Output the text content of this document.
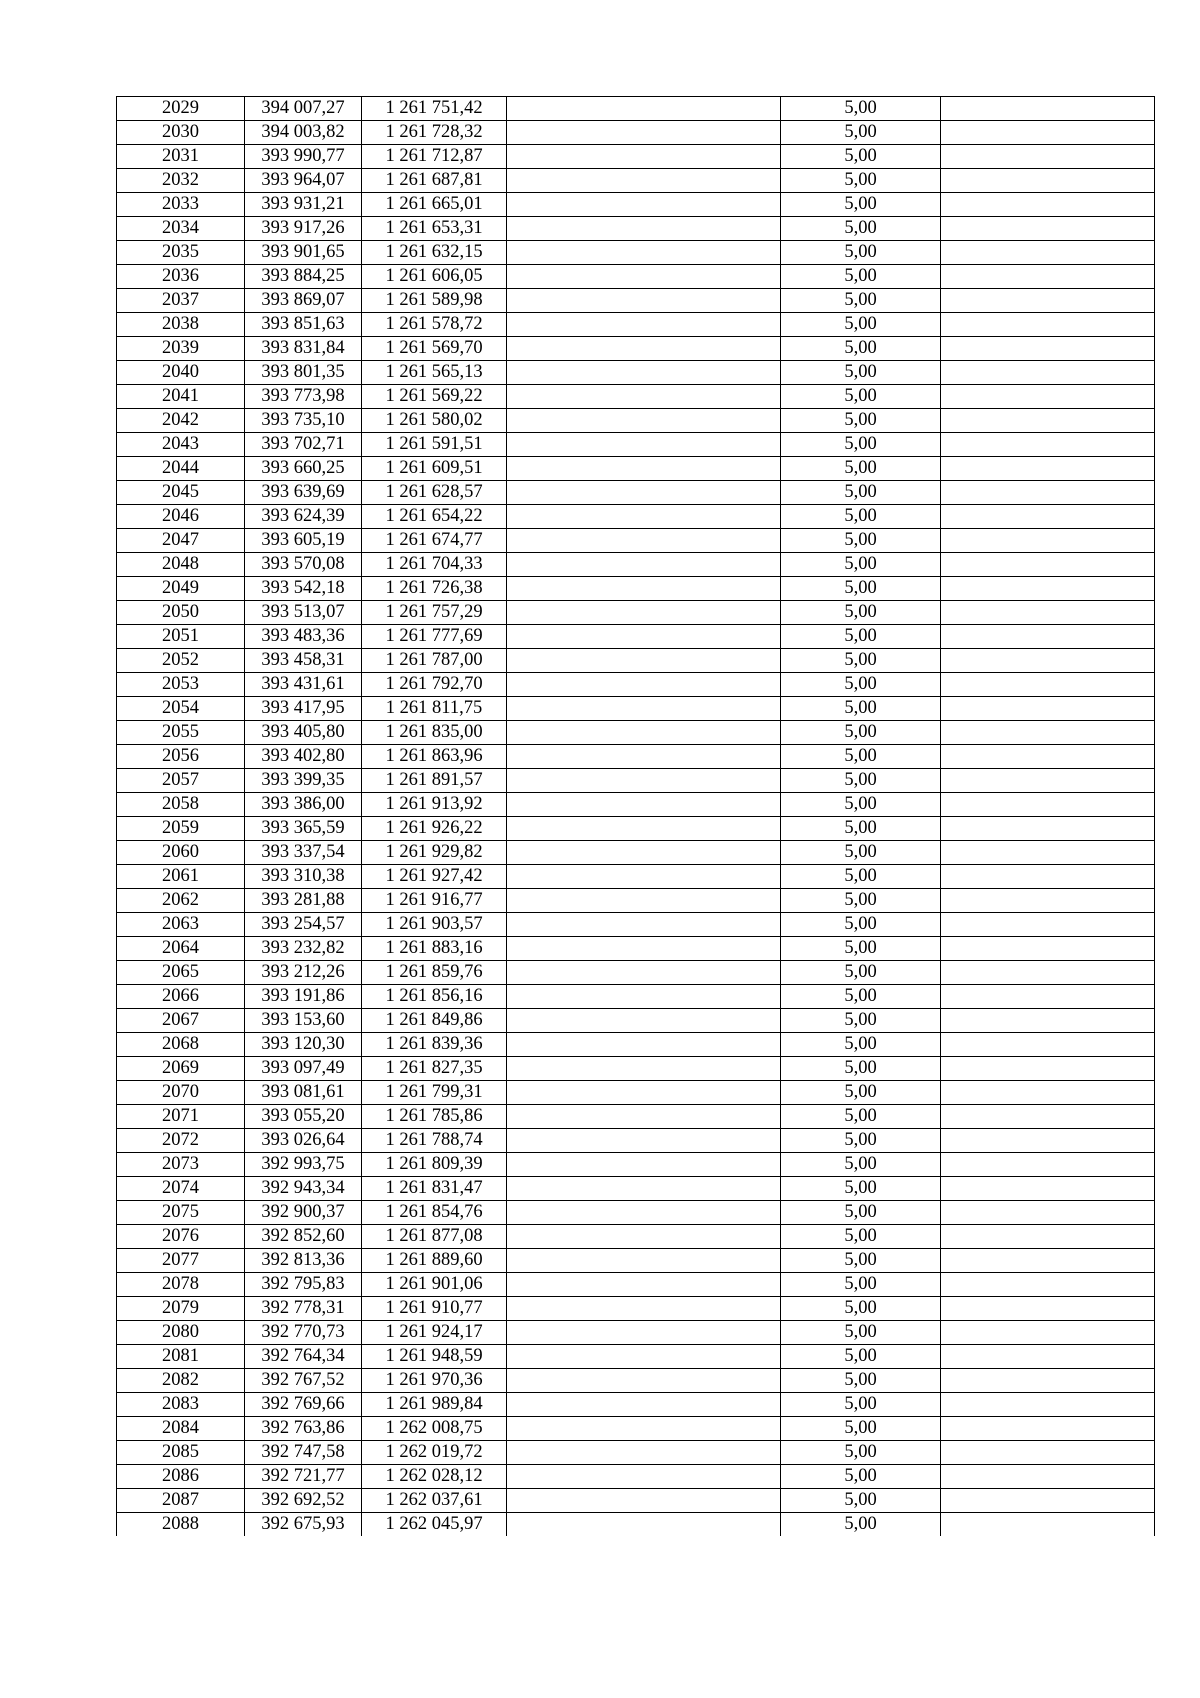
2029	394 007,27	1 261 751,42		5,00	
2030	394 003,82	1 261 728,32		5,00	
2031	393 990,77	1 261 712,87		5,00	
2032	393 964,07	1 261 687,81		5,00	
2033	393 931,21	1 261 665,01		5,00	
2034	393 917,26	1 261 653,31		5,00	
2035	393 901,65	1 261 632,15		5,00	
2036	393 884,25	1 261 606,05		5,00	
2037	393 869,07	1 261 589,98		5,00	
2038	393 851,63	1 261 578,72		5,00	
2039	393 831,84	1 261 569,70		5,00	
2040	393 801,35	1 261 565,13		5,00	
2041	393 773,98	1 261 569,22		5,00	
2042	393 735,10	1 261 580,02		5,00	
2043	393 702,71	1 261 591,51		5,00	
2044	393 660,25	1 261 609,51		5,00	
2045	393 639,69	1 261 628,57		5,00	
2046	393 624,39	1 261 654,22		5,00	
2047	393 605,19	1 261 674,77		5,00	
2048	393 570,08	1 261 704,33		5,00	
2049	393 542,18	1 261 726,38		5,00	
2050	393 513,07	1 261 757,29		5,00	
2051	393 483,36	1 261 777,69		5,00	
2052	393 458,31	1 261 787,00		5,00	
2053	393 431,61	1 261 792,70		5,00	
2054	393 417,95	1 261 811,75		5,00	
2055	393 405,80	1 261 835,00		5,00	
2056	393 402,80	1 261 863,96		5,00	
2057	393 399,35	1 261 891,57		5,00	
2058	393 386,00	1 261 913,92		5,00	
2059	393 365,59	1 261 926,22		5,00	
2060	393 337,54	1 261 929,82		5,00	
2061	393 310,38	1 261 927,42		5,00	
2062	393 281,88	1 261 916,77		5,00	
2063	393 254,57	1 261 903,57		5,00	
2064	393 232,82	1 261 883,16		5,00	
2065	393 212,26	1 261 859,76		5,00	
2066	393 191,86	1 261 856,16		5,00	
2067	393 153,60	1 261 849,86		5,00	
2068	393 120,30	1 261 839,36		5,00	
2069	393 097,49	1 261 827,35		5,00	
2070	393 081,61	1 261 799,31		5,00	
2071	393 055,20	1 261 785,86		5,00	
2072	393 026,64	1 261 788,74		5,00	
2073	392 993,75	1 261 809,39		5,00	
2074	392 943,34	1 261 831,47		5,00	
2075	392 900,37	1 261 854,76		5,00	
2076	392 852,60	1 261 877,08		5,00	
2077	392 813,36	1 261 889,60		5,00	
2078	392 795,83	1 261 901,06		5,00	
2079	392 778,31	1 261 910,77		5,00	
2080	392 770,73	1 261 924,17		5,00	
2081	392 764,34	1 261 948,59		5,00	
2082	392 767,52	1 261 970,36		5,00	
2083	392 769,66	1 261 989,84		5,00	
2084	392 763,86	1 262 008,75		5,00	
2085	392 747,58	1 262 019,72		5,00	
2086	392 721,77	1 262 028,12		5,00	
2087	392 692,52	1 262 037,61		5,00	
2088	392 675,93	1 262 045,97		5,00	
